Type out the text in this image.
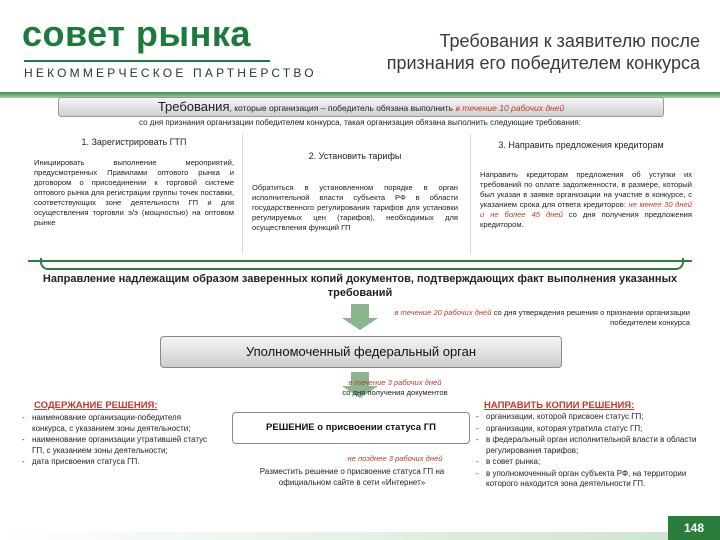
совет рынка
НЕКОММЕРЧЕСКОЕ ПАРТНЕРСТВО
Требования к заявителю после
признания его победителем конкурса
Требования, которые организация – победитель обязана выполнить в течение 10 рабочих дней
со дня признания организации победителем конкурса, такая организация обязана выполнить следующие требования:
1. Зарегистрировать ГТП
Инициировать выполнение мероприятий, предусмотренных Правилами оптового рынка и договором о присоединении к торговой системе оптового рынка для регистрации группы точек поставки, соответствующих зоне деятельности ГП и для осуществления торговли э/э (мощностью) на оптовом рынке
2. Установить тарифы
Обратиться в установленном порядке в орган исполнительной власти субъекта РФ в области государственного регулирования тарифов для установки регулируемых цен (тарифов), необходимых для осуществления функций ГП
3. Направить предложения кредиторам
Направить кредиторам предложения об уступки их требований по оплате задолженности, в размере, который был указан в заявке организации на участие в конкурсе, с указанием срока для ответа кредиторов: не менее 30 дней и не более 45 дней со дня получения предложения кредитором.
Направление надлежащим образом заверенных копий документов, подтверждающих факт выполнения указанных требований
в течение 20 рабочих дней со дня утверждения решения о признании организации победителем конкурса
Уполномоченный федеральный орган
в течение 3 рабочих дней
со дня получения документов
СОДЕРЖАНИЕ РЕШЕНИЯ:
- наименование организации-победителя конкурса, с указанием зоны деятельности;
- наименование организации утратившей статус ГП, с указанием зоны деятельности;
- дата присвоения статуса ГП.
РЕШЕНИЕ о присвоении статуса ГП
не позднее 3 рабочих дней
Разместить решение о присвоение статуса ГП на официальном сайте в сети «Интернет»
НАПРАВИТЬ КОПИИ РЕШЕНИЯ:
- организации, которой присвоен статус ГП;
- организации, которая утратила статус ГП;
- в федеральный орган исполнительной власти в области регулирования тарифов;
- в совет рынка;
- в уполномоченный орган субъекта РФ, на территории которого находится зона деятельности ГП.
148
